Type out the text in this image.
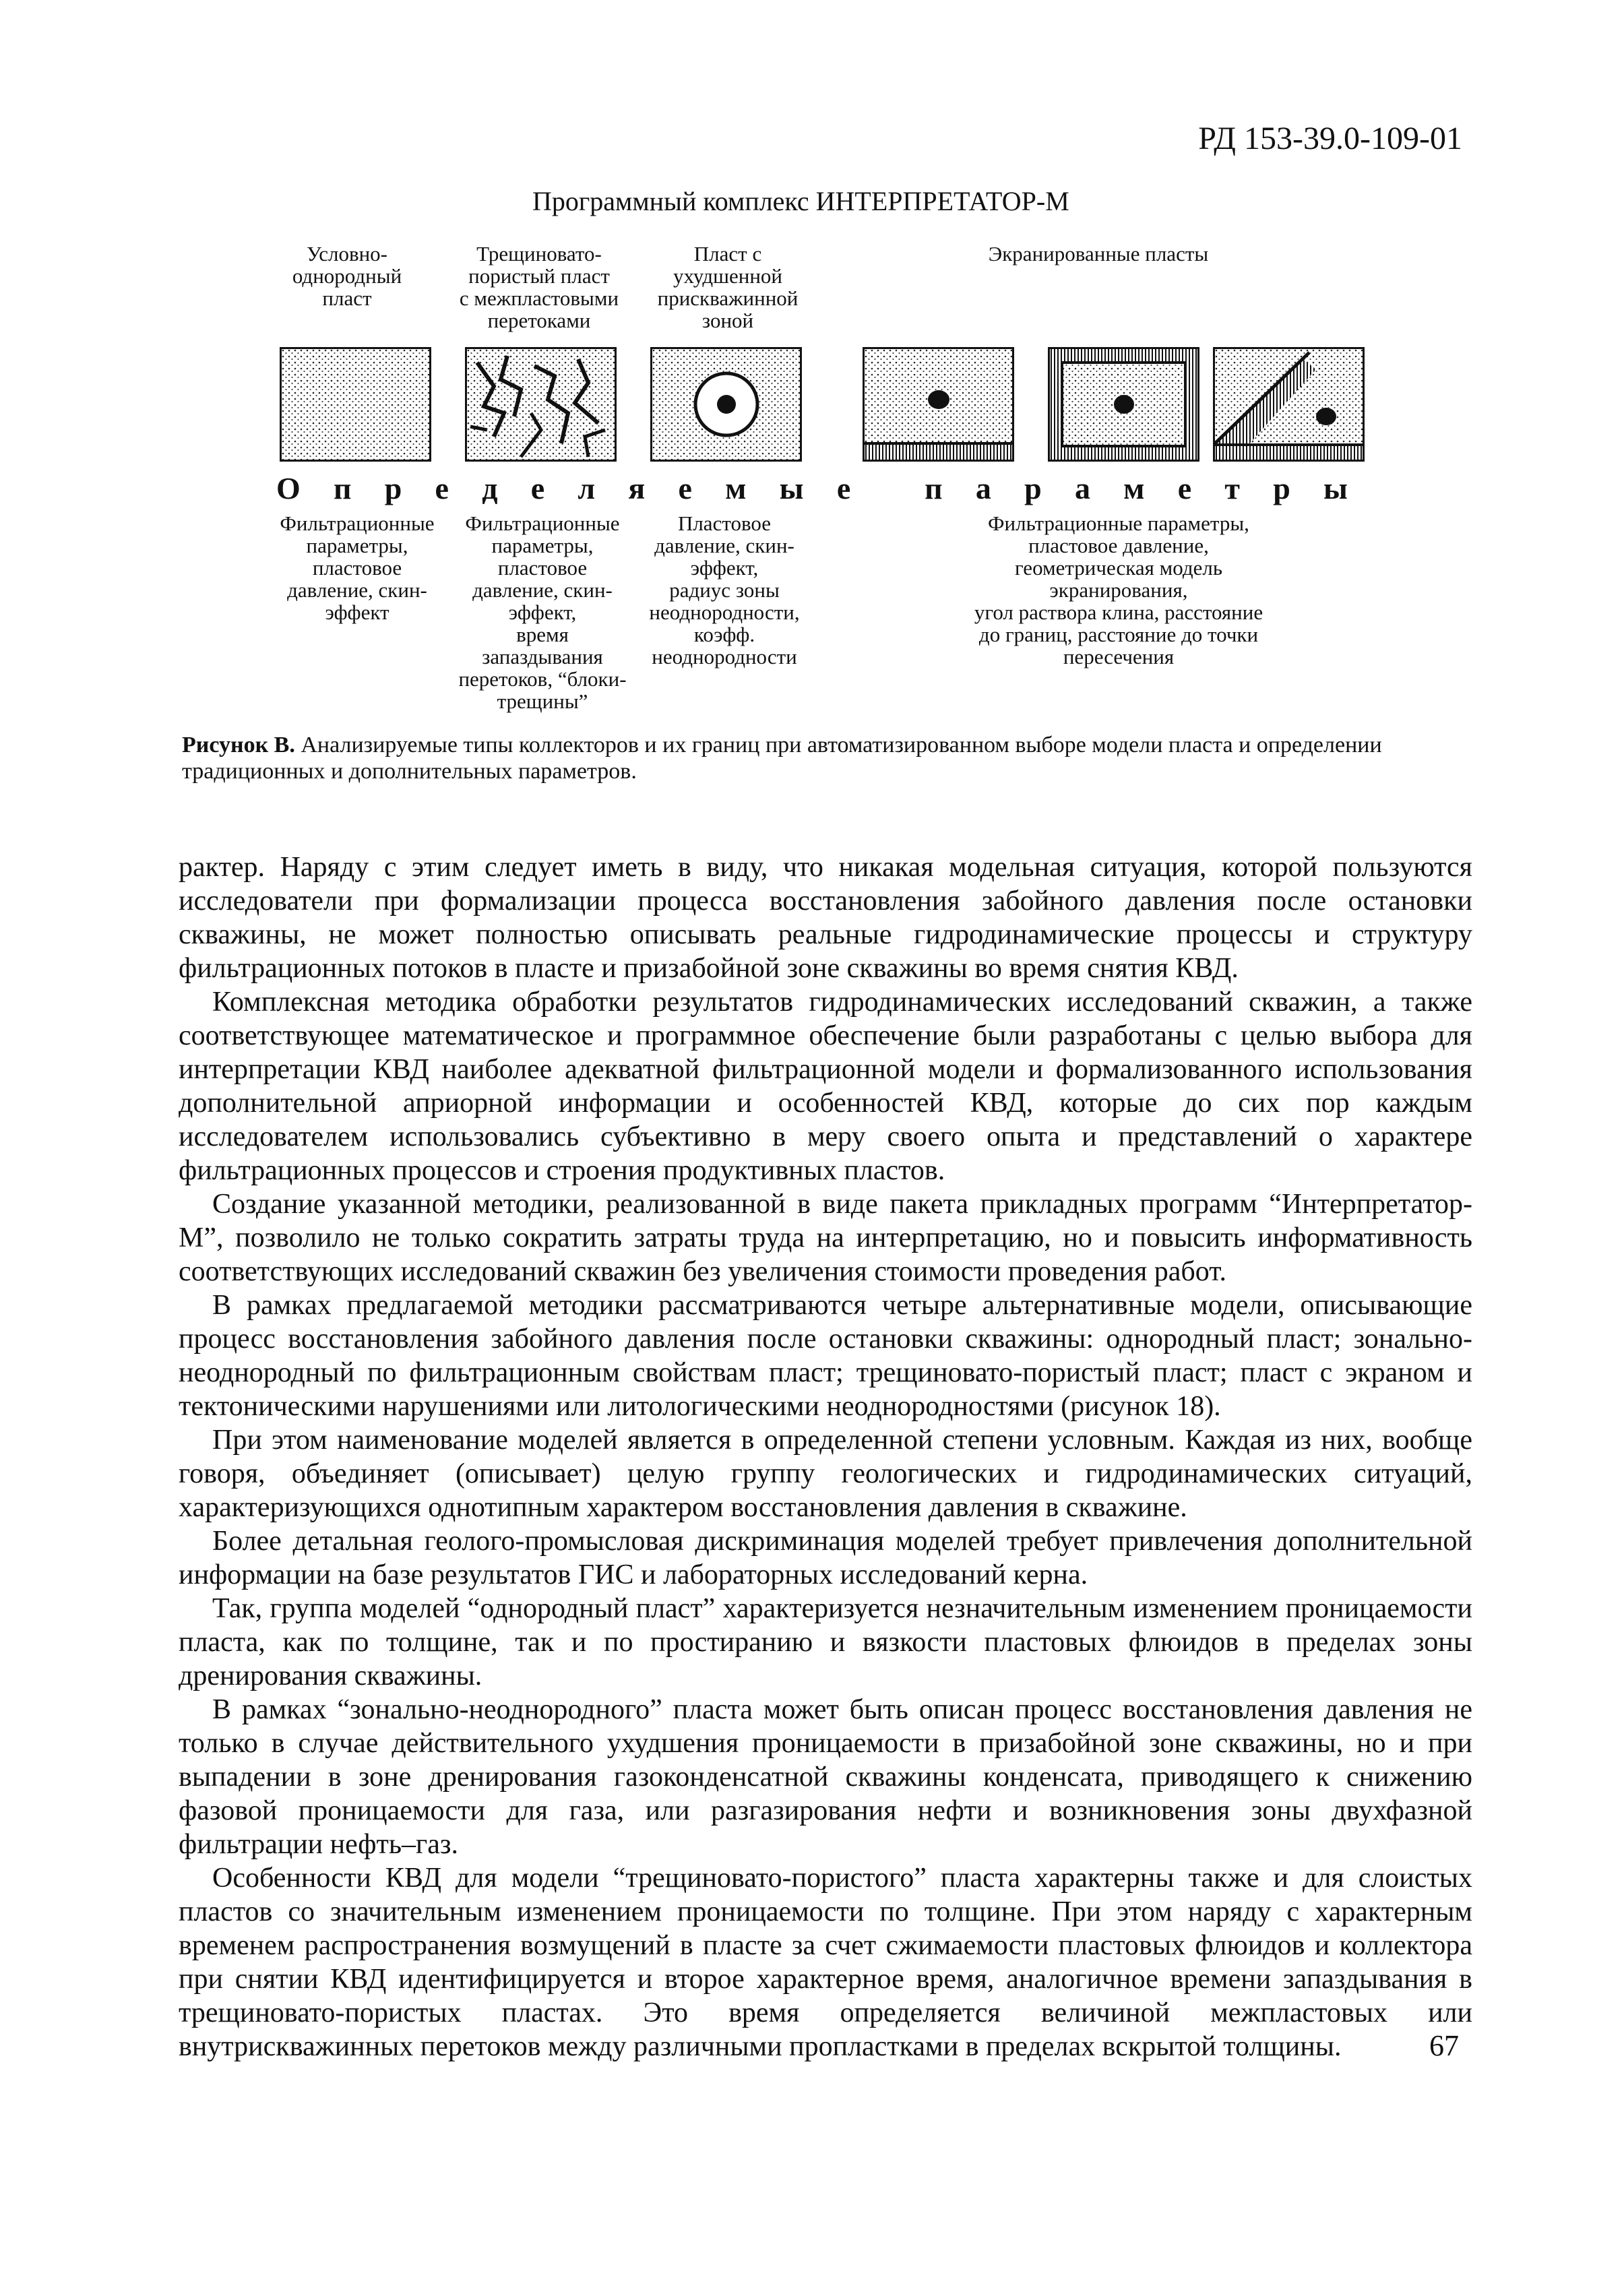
РД 153-39.0-109-01
Программный комплекс ИНТЕРПРЕТАТОР-М
Условно-
однородный
пласт
Трещиновато-
пористый пласт
с межпластовыми
перетоками
Пласт с
ухудшенной
прискважинной
зоной
Экранированные пласты
О п р е д е л я е м ы е
п а р а м е т р ы
Фильтрационные
параметры,
пластовое
давление, скин-
эффект
Фильтрационные
параметры,
пластовое
давление, скин-
эффект,
время
запаздывания
перетоков, “блоки-
трещины”
Пластовое
давление, скин-
эффект,
радиус зоны
неоднородности,
коэфф.
неоднородности
Фильтрационные параметры,
пластовое давление,
геометрическая модель
экранирования,
угол раствора клина, расстояние
до границ, расстояние до точки
пересечения
Рисунок В. Анализируемые типы коллекторов и их границ при автоматизированном выборе модели пласта и определении традиционных и дополнительных параметров.

рактер. Наряду с этим следует иметь в виду, что никакая модельная ситуация, которой пользуются исследователи при формализации процесса восстановления забойного давления после остановки скважины, не может полностью описывать реальные гидродинамические процессы и структуру фильтрационных потоков в пласте и призабойной зоне скважины во время снятия КВД.

Комплексная методика обработки результатов гидродинамических исследований скважин, а также соответствующее математическое и программное обеспечение были разработаны с целью выбора для интерпретации КВД наиболее адекватной фильтрационной модели и формализованного использования дополнительной априорной информации и особенностей КВД, которые до сих пор каждым исследователем использовались субъективно в меру своего опыта и представлений о характере фильтрационных процессов и строения продуктивных пластов.

Создание указанной методики, реализованной в виде пакета прикладных программ “Интерпретатор-М”, позволило не только сократить затраты труда на интерпретацию, но и повысить информативность соответствующих исследований скважин без увеличения стоимости проведения работ.

В рамках предлагаемой методики рассматриваются четыре альтернативные модели, описывающие процесс восстановления забойного давления после остановки скважины: однородный пласт; зонально-неоднородный по фильтрационным свойствам пласт; трещиновато-пористый пласт; пласт с экраном и тектоническими нарушениями или литологическими неоднородностями (рисунок 18).

При этом наименование моделей является в определенной степени условным. Каждая из них, вообще говоря, объединяет (описывает) целую группу геологических и гидродинамических ситуаций, характеризующихся однотипным характером восстановления давления в скважине.

Более детальная геолого-промысловая дискриминация моделей требует привлечения дополнительной информации на базе результатов ГИС и лабораторных исследований керна.

Так, группа моделей “однородный пласт” характеризуется незначительным изменением проницаемости пласта, как по толщине, так и по простиранию и вязкости пластовых флюидов в пределах зоны дренирования скважины.

В рамках “зонально-неоднородного” пласта может быть описан процесс восстановления давления не только в случае действительного ухудшения проницаемости в призабойной зоне скважины, но и при выпадении в зоне дренирования газоконденсатной скважины конденсата, приводящего к снижению фазовой проницаемости для газа, или разгазирования нефти и возникновения зоны двухфазной фильтрации нефть–газ.

Особенности КВД для модели “трещиновато-пористого” пласта характерны также и для слоистых пластов со значительным изменением проницаемости по толщине. При этом наряду с характерным временем распространения возмущений в пласте за счет сжимаемости пластовых флюидов и коллектора при снятии КВД идентифицируется и второе характерное время, аналогичное времени запаздывания в трещиновато-пористых пластах. Это время определяется величиной межпластовых или внутрискважинных перетоков между различными пропластками в пределах вскрытой толщины.	67
